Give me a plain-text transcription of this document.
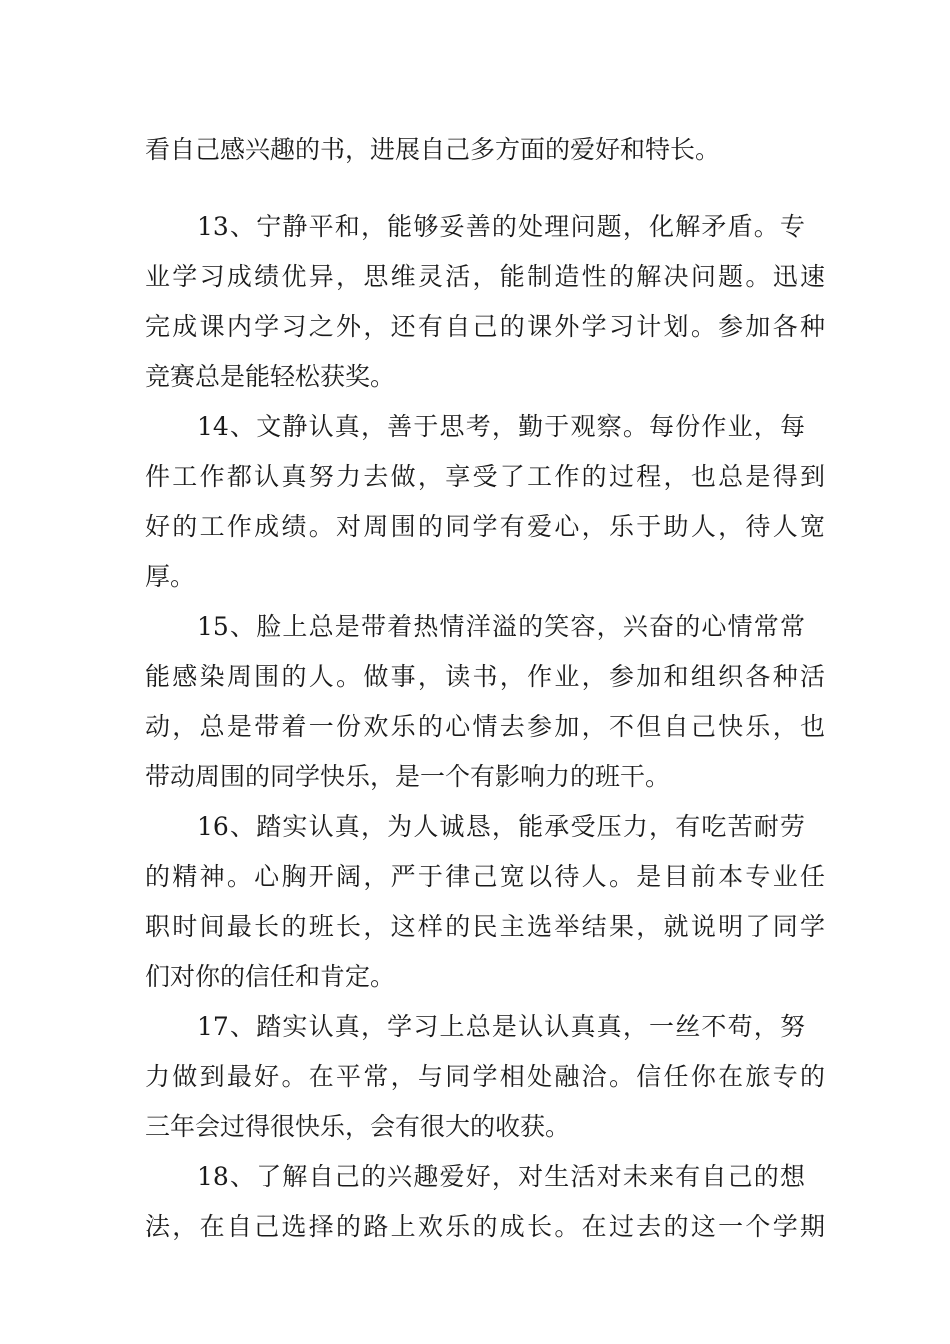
看自己感兴趣的书，进展自己多方面的爱好和特长。
13、宁静平和，能够妥善的处理问题，化解矛盾。专
业学习成绩优异，思维灵活，能制造性的解决问题。迅速
完成课内学习之外，还有自己的课外学习计划。参加各种
竞赛总是能轻松获奖。
14、文静认真，善于思考，勤于观察。每份作业，每
件工作都认真努力去做，享受了工作的过程，也总是得到
好的工作成绩。对周围的同学有爱心，乐于助人，待人宽
厚。
15、脸上总是带着热情洋溢的笑容，兴奋的心情常常
能感染周围的人。做事，读书，作业，参加和组织各种活
动，总是带着一份欢乐的心情去参加，不但自己快乐，也
带动周围的同学快乐，是一个有影响力的班干。
16、踏实认真，为人诚恳，能承受压力，有吃苦耐劳
的精神。心胸开阔，严于律己宽以待人。是目前本专业任
职时间最长的班长，这样的民主选举结果，就说明了同学
们对你的信任和肯定。
17、踏实认真，学习上总是认认真真，一丝不苟，努
力做到最好。在平常，与同学相处融洽。信任你在旅专的
三年会过得很快乐，会有很大的收获。
18、了解自己的兴趣爱好，对生活对未来有自己的想
法，在自己选择的路上欢乐的成长。在过去的这一个学期
